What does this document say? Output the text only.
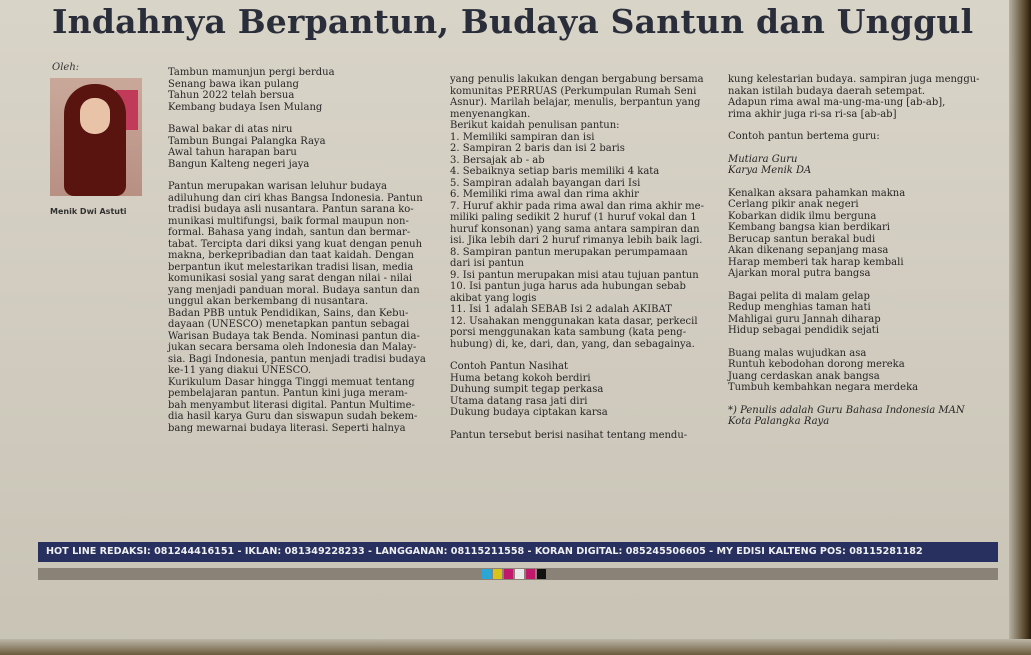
Indahnya Berpantun, Budaya Santun dan Unggul
Oleh:
Menik Dwi Astuti

Tambun mamunjun pergi berdua
Senang bawa ikan pulang
Tahun 2022 telah bersua
Kembang budaya Isen Mulang

Bawal bakar di atas niru
Tambun Bungai Palangka Raya
Awal tahun harapan baru
Bangun Kalteng negeri jaya

Pantun merupakan warisan leluhur budaya
adiluhung dan ciri khas Bangsa Indonesia. Pantun
tradisi budaya asli nusantara. Pantun sarana ko-
munikasi multifungsi, baik formal maupun non-
formal. Bahasa yang indah, santun dan bermar-
tabat. Tercipta dari diksi yang kuat dengan penuh
makna, berkepribadian dan taat kaidah. Dengan
berpantun ikut melestarikan tradisi lisan, media
komunikasi sosial yang sarat dengan nilai - nilai
yang menjadi panduan moral. Budaya santun dan
unggul akan berkembang di nusantara.
Badan PBB untuk Pendidikan, Sains, dan Kebu-
dayaan (UNESCO) menetapkan pantun sebagai
Warisan Budaya tak Benda. Nominasi pantun dia-
jukan secara bersama oleh Indonesia dan Malay-
sia. Bagi Indonesia, pantun menjadi tradisi budaya
ke-11 yang diakui UNESCO.
Kurikulum Dasar hingga Tinggi memuat tentang
pembelajaran pantun. Pantun kini juga meram-
bah menyambut literasi digital. Pantun Multime-
dia hasil karya Guru dan siswapun sudah bekem-
bang mewarnai budaya literasi. Seperti halnya

yang penulis lakukan dengan bergabung bersama
komunitas PERRUAS (Perkumpulan Rumah Seni
Asnur). Marilah belajar, menulis, berpantun yang
menyenangkan.
Berikut kaidah penulisan pantun:
1. Memiliki sampiran dan isi
2. Sampiran 2 baris dan isi 2 baris
3. Bersajak ab - ab
4. Sebaiknya setiap baris memiliki 4 kata
5. Sampiran adalah bayangan dari Isi
6. Memiliki rima awal dan rima akhir
7. Huruf akhir pada rima awal dan rima akhir me-
miliki paling sedikit 2 huruf (1 huruf vokal dan 1
huruf konsonan) yang sama antara sampiran dan
isi. Jika lebih dari 2 huruf rimanya lebih baik lagi.
8. Sampiran pantun merupakan perumpamaan
dari isi pantun
9. Isi pantun merupakan misi atau tujuan pantun
10. Isi pantun juga harus ada hubungan sebab
akibat yang logis
11. Isi 1 adalah SEBAB Isi 2 adalah AKIBAT
12. Usahakan menggunakan kata dasar, perkecil
porsi menggunakan kata sambung (kata peng-
hubung) di, ke, dari, dan, yang, dan sebagainya.

Contoh Pantun Nasihat
Huma betang kokoh berdiri
Duhung sumpit tegap perkasa
Utama datang rasa jati diri
Dukung budaya ciptakan karsa

Pantun tersebut berisi nasihat tentang mendu-

kung kelestarian budaya. sampiran juga menggu-
nakan istilah budaya daerah setempat.
Adapun rima awal ma-ung-ma-ung [ab-ab],
rima akhir juga ri-sa ri-sa [ab-ab]

Contoh pantun bertema guru:

Mutiara Guru
Karya Menik DA

Kenalkan aksara pahamkan makna
Cerlang pikir anak negeri
Kobarkan didik ilmu berguna
Kembang bangsa kian berdikari
Berucap santun berakal budi
Akan dikenang sepanjang masa
Harap memberi tak harap kembali
Ajarkan moral putra bangsa

Bagai pelita di malam gelap
Redup menghias taman hati
Mahligai guru Jannah diharap
Hidup sebagai pendidik sejati

Buang malas wujudkan asa
Runtuh kebodohan dorong mereka
Juang cerdaskan anak bangsa
Tumbuh kembahkan negara merdeka

*) Penulis adalah Guru Bahasa Indonesia MAN
Kota Palangka Raya

HOT LINE REDAKSI: 081244416151 - IKLAN: 081349228233 - LANGGANAN: 08115211558 - KORAN DIGITAL: 085245506605 - MY EDISI KALTENG POS: 08115281182
